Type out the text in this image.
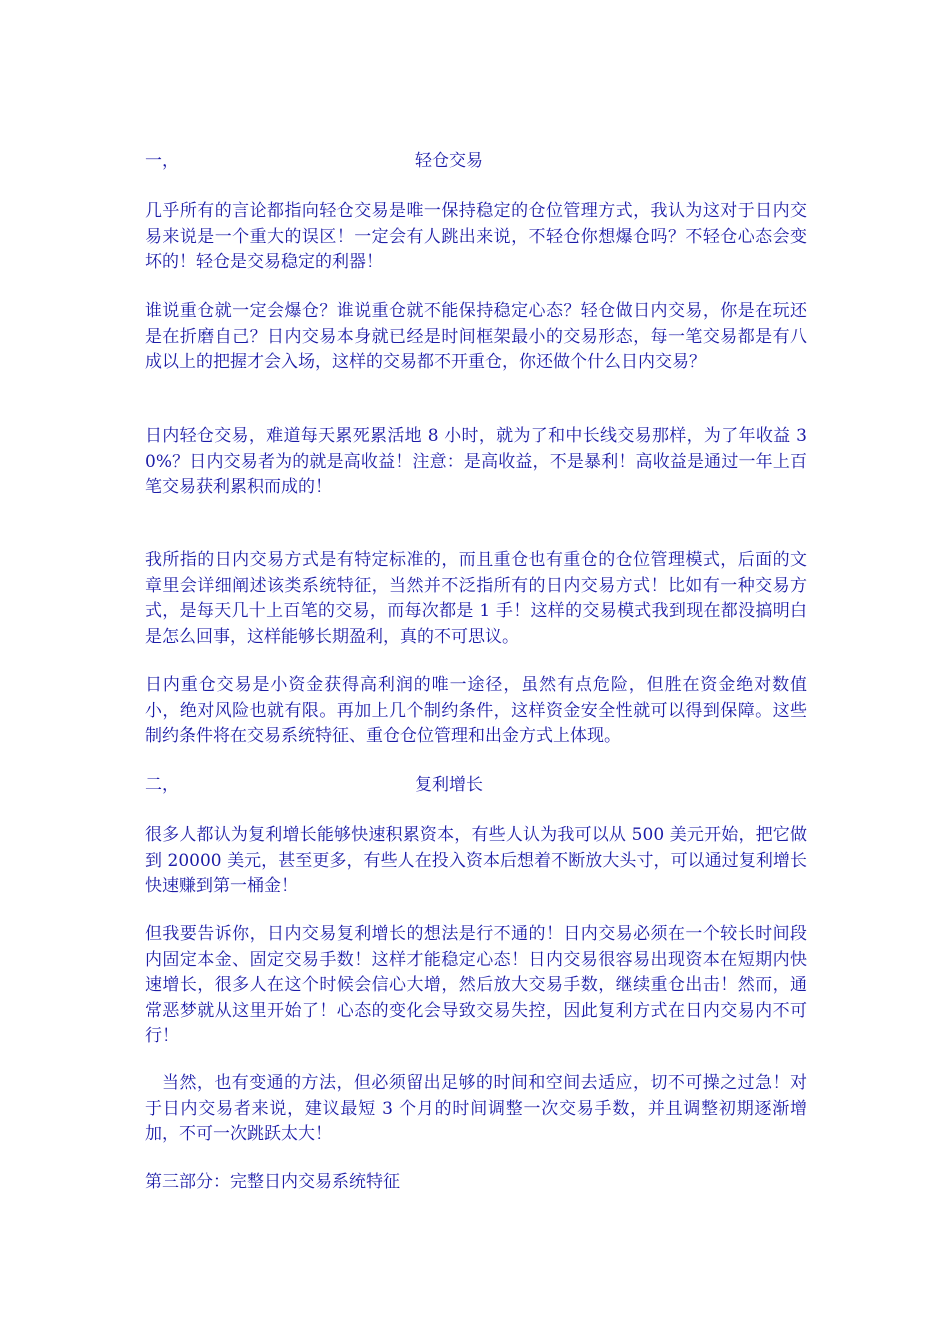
一，	轻仓交易
几乎所有的言论都指向轻仓交易是唯一保持稳定的仓位管理方式，我认为这对于日内交易来说是一个重大的误区！一定会有人跳出来说，不轻仓你想爆仓吗？不轻仓心态会变坏的！轻仓是交易稳定的利器！
谁说重仓就一定会爆仓？谁说重仓就不能保持稳定心态？轻仓做日内交易，你是在玩还是在折磨自己？日内交易本身就已经是时间框架最小的交易形态，每一笔交易都是有八成以上的把握才会入场，这样的交易都不开重仓，你还做个什么日内交易？
日内轻仓交易，难道每天累死累活地 8 小时，就为了和中长线交易那样，为了年收益 30%？日内交易者为的就是高收益！注意：是高收益，不是暴利！高收益是通过一年上百笔交易获利累积而成的！
我所指的日内交易方式是有特定标准的，而且重仓也有重仓的仓位管理模式，后面的文章里会详细阐述该类系统特征，当然并不泛指所有的日内交易方式！比如有一种交易方式，是每天几十上百笔的交易，而每次都是 1 手！这样的交易模式我到现在都没搞明白是怎么回事，这样能够长期盈利，真的不可思议。
日内重仓交易是小资金获得高利润的唯一途径，虽然有点危险，但胜在资金绝对数值小，绝对风险也就有限。再加上几个制约条件，这样资金安全性就可以得到保障。这些制约条件将在交易系统特征、重仓仓位管理和出金方式上体现。
二，	复利增长
很多人都认为复利增长能够快速积累资本，有些人认为我可以从 500 美元开始，把它做到 20000 美元，甚至更多，有些人在投入资本后想着不断放大头寸，可以通过复利增长快速赚到第一桶金！
但我要告诉你，日内交易复利增长的想法是行不通的！日内交易必须在一个较长时间段内固定本金、固定交易手数！这样才能稳定心态！日内交易很容易出现资本在短期内快速增长，很多人在这个时候会信心大增，然后放大交易手数，继续重仓出击！然而，通常恶梦就从这里开始了！心态的变化会导致交易失控，因此复利方式在日内交易内不可行！
当然，也有变通的方法，但必须留出足够的时间和空间去适应，切不可操之过急！对于日内交易者来说，建议最短 3 个月的时间调整一次交易手数，并且调整初期逐渐增加，不可一次跳跃太大！
第三部分：完整日内交易系统特征
